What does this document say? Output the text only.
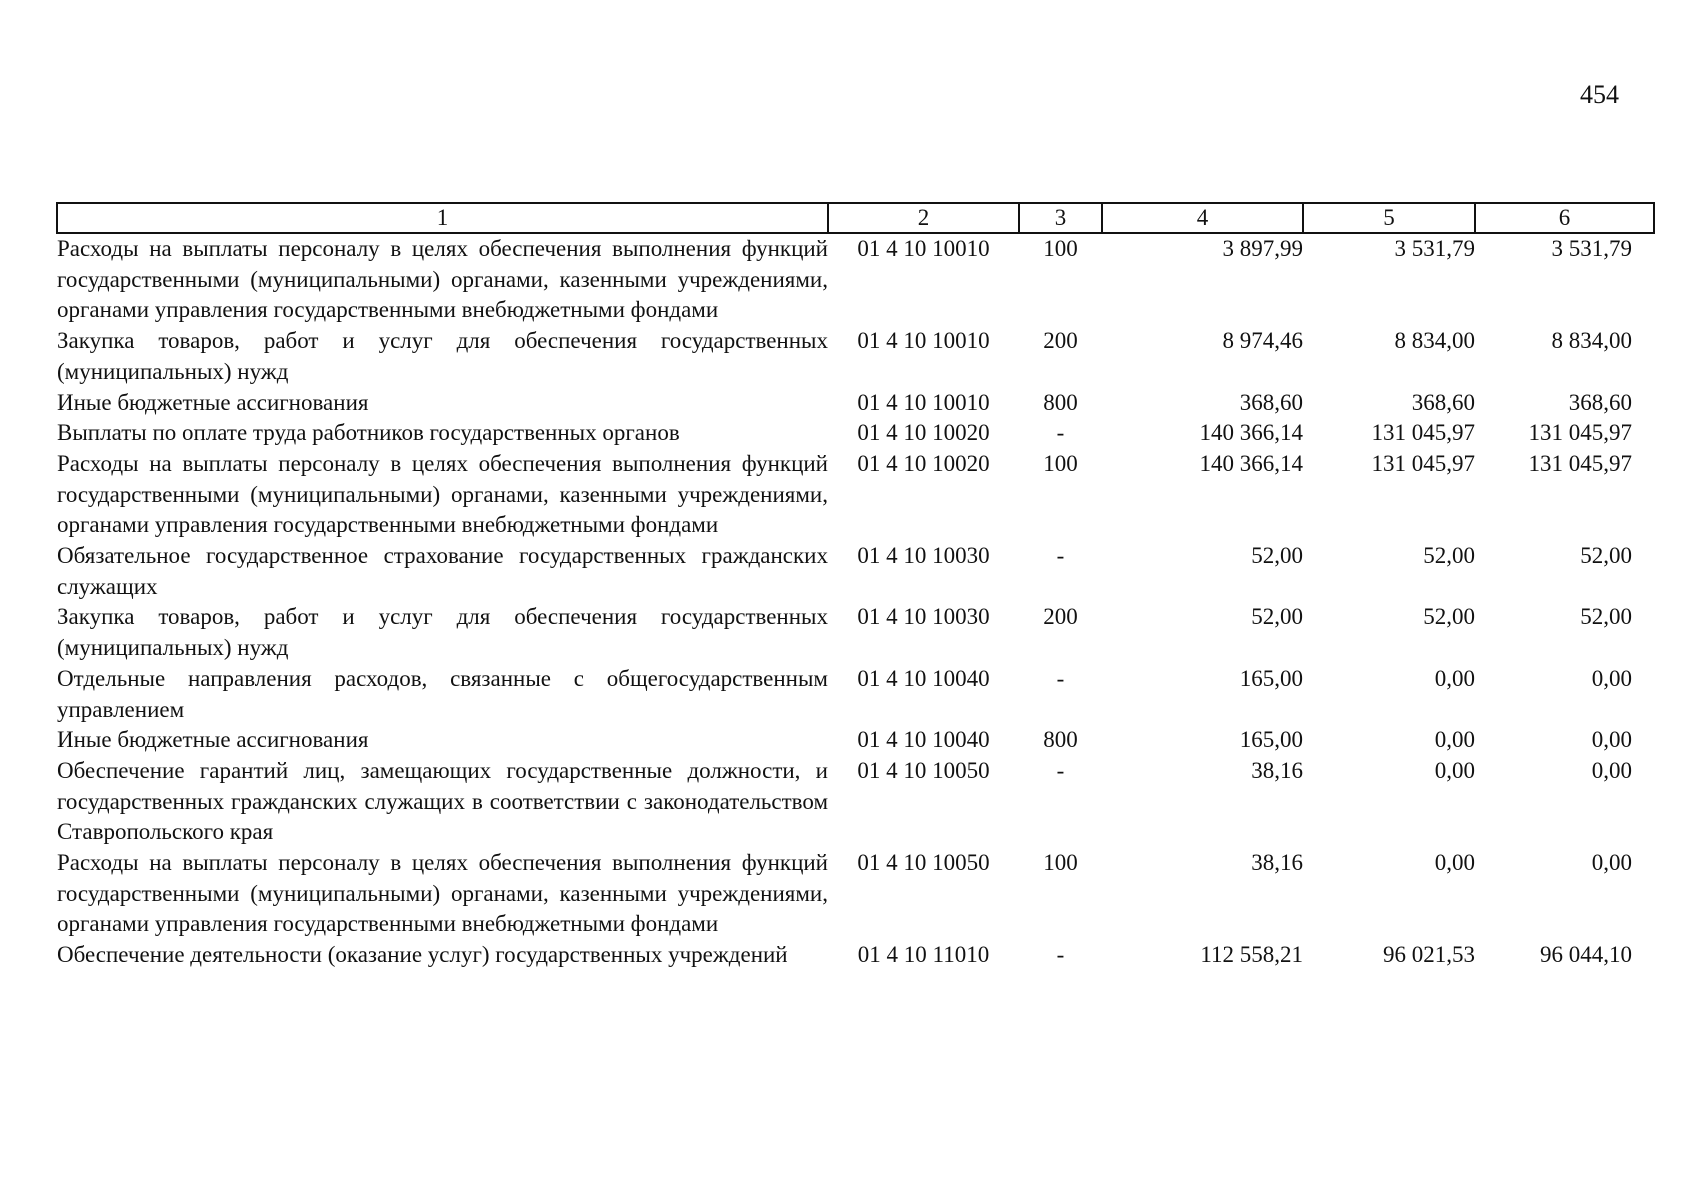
454
1	2	3	4	5	6
Расходы на выплаты персоналу в целях обеспечения выполнения функций государственными (муниципальными) органами, казенными учреждениями, органами управления государственными внебюджетными фондами	01 4 10 10010	100	3 897,99	3 531,79	3 531,79
Закупка товаров, работ и услуг для обеспечения государственных (муниципальных) нужд	01 4 10 10010	200	8 974,46	8 834,00	8 834,00
Иные бюджетные ассигнования	01 4 10 10010	800	368,60	368,60	368,60
Выплаты по оплате труда работников государственных органов	01 4 10 10020	-	140 366,14	131 045,97	131 045,97
Расходы на выплаты персоналу в целях обеспечения выполнения функций государственными (муниципальными) органами, казенными учреждениями, органами управления государственными внебюджетными фондами	01 4 10 10020	100	140 366,14	131 045,97	131 045,97
Обязательное государственное страхование государственных гражданских служащих	01 4 10 10030	-	52,00	52,00	52,00
Закупка товаров, работ и услуг для обеспечения государственных (муниципальных) нужд	01 4 10 10030	200	52,00	52,00	52,00
Отдельные направления расходов, связанные с общегосударственным управлением	01 4 10 10040	-	165,00	0,00	0,00
Иные бюджетные ассигнования	01 4 10 10040	800	165,00	0,00	0,00
Обеспечение гарантий лиц, замещающих государственные должности, и государственных гражданских служащих в соответствии с законодательством Ставропольского края	01 4 10 10050	-	38,16	0,00	0,00
Расходы на выплаты персоналу в целях обеспечения выполнения функций государственными (муниципальными) органами, казенными учреждениями, органами управления государственными внебюджетными фондами	01 4 10 10050	100	38,16	0,00	0,00
Обеспечение деятельности (оказание услуг) государственных учреждений	01 4 10 11010	-	112 558,21	96 021,53	96 044,10
